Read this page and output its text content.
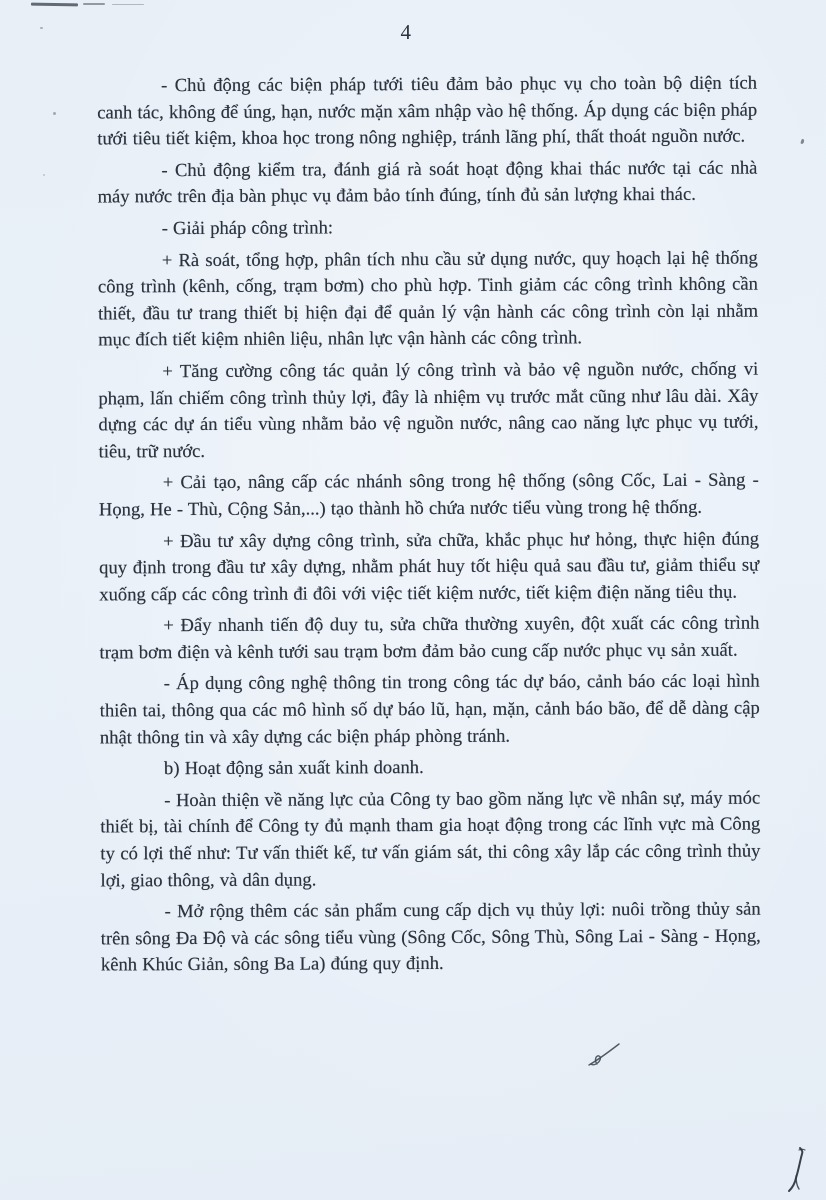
4

- Chủ động các biện pháp tưới tiêu đảm bảo phục vụ cho toàn bộ diện tích canh tác, không để úng, hạn, nước mặn xâm nhập vào hệ thống. Áp dụng các biện pháp tưới tiêu tiết kiệm, khoa học trong nông nghiệp, tránh lãng phí, thất thoát nguồn nước.

- Chủ động kiểm tra, đánh giá rà soát hoạt động khai thác nước tại các nhà máy nước trên địa bàn phục vụ đảm bảo tính đúng, tính đủ sản lượng khai thác.

- Giải pháp công trình:

+ Rà soát, tổng hợp, phân tích nhu cầu sử dụng nước, quy hoạch lại hệ thống công trình (kênh, cống, trạm bơm) cho phù hợp. Tinh giảm các công trình không cần thiết, đầu tư trang thiết bị hiện đại để quản lý vận hành các công trình còn lại nhằm mục đích tiết kiệm nhiên liệu, nhân lực vận hành các công trình.

+ Tăng cường công tác quản lý công trình và bảo vệ nguồn nước, chống vi phạm, lấn chiếm công trình thủy lợi, đây là nhiệm vụ trước mắt cũng như lâu dài. Xây dựng các dự án tiểu vùng nhằm bảo vệ nguồn nước, nâng cao năng lực phục vụ tưới, tiêu, trữ nước.

+ Cải tạo, nâng cấp các nhánh sông trong hệ thống (sông Cốc, Lai - Sàng - Họng, He - Thù, Cộng Sản,...) tạo thành hồ chứa nước tiểu vùng trong hệ thống.

+ Đầu tư xây dựng công trình, sửa chữa, khắc phục hư hỏng, thực hiện đúng quy định trong đầu tư xây dựng, nhằm phát huy tốt hiệu quả sau đầu tư, giảm thiểu sự xuống cấp các công trình đi đôi với việc tiết kiệm nước, tiết kiệm điện năng tiêu thụ.

+ Đẩy nhanh tiến độ duy tu, sửa chữa thường xuyên, đột xuất các công trình trạm bơm điện và kênh tưới sau trạm bơm đảm bảo cung cấp nước phục vụ sản xuất.

- Áp dụng công nghệ thông tin trong công tác dự báo, cảnh báo các loại hình thiên tai, thông qua các mô hình số dự báo lũ, hạn, mặn, cảnh báo bão, để dễ dàng cập nhật thông tin và xây dựng các biện pháp phòng tránh.

b) Hoạt động sản xuất kinh doanh.

- Hoàn thiện về năng lực của Công ty bao gồm năng lực về nhân sự, máy móc thiết bị, tài chính để Công ty đủ mạnh tham gia hoạt động trong các lĩnh vực mà Công ty có lợi thế như: Tư vấn thiết kế, tư vấn giám sát, thi công xây lắp các công trình thủy lợi, giao thông, và dân dụng.

- Mở rộng thêm các sản phẩm cung cấp dịch vụ thủy lợi: nuôi trồng thủy sản trên sông Đa Độ và các sông tiểu vùng (Sông Cốc, Sông Thù, Sông Lai - Sàng - Họng, kênh Khúc Giản, sông Ba La) đúng quy định.
